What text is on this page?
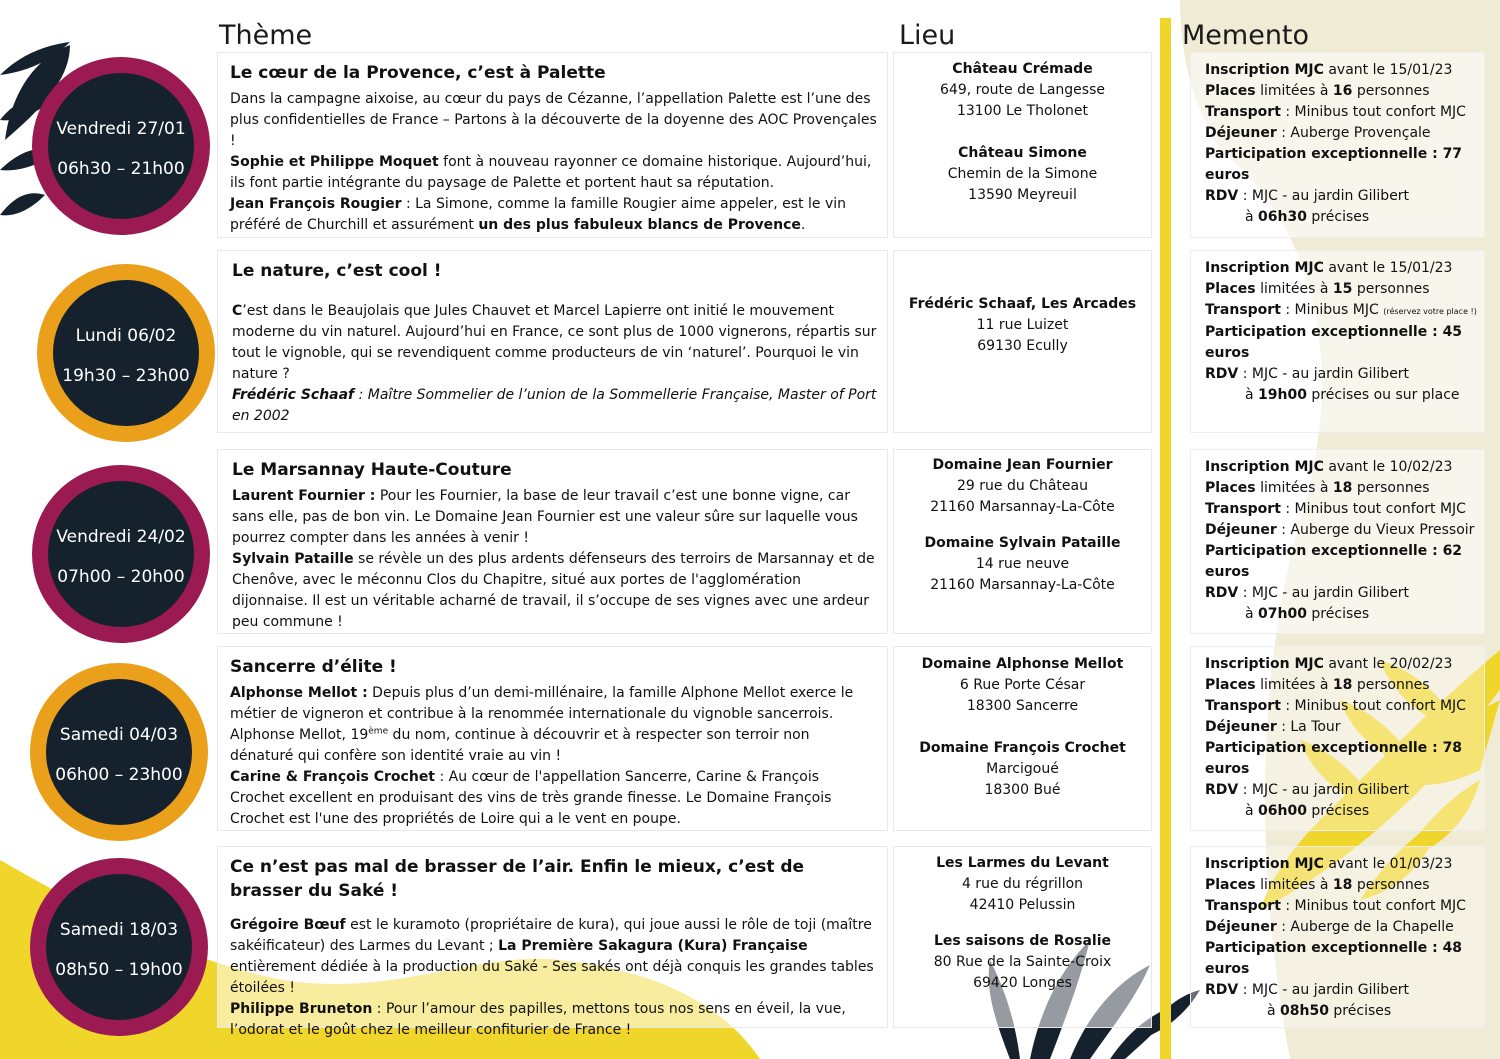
Thème	Lieu	Memento
Vendredi 27/01
06h30 – 21h00
Le cœur de la Provence, c’est à Palette

Dans la campagne aixoise, au cœur du pays de Cézanne, l’appellation Palette est l’une des plus confidentielles de France – Partons à la découverte de la doyenne des AOC Provençales !

Sophie et Philippe Moquet font à nouveau rayonner ce domaine historique. Aujourd’hui, ils font partie intégrante du paysage de Palette et portent haut sa réputation.

Jean François Rougier : La Simone, comme la famille Rougier aime appeler, est le vin préféré de Churchill et assurément un des plus fabuleux blancs de Provence.

Château Crémade
649, route de Langesse
13100 Le Tholonet
Château Simone
Chemin de la Simone
13590 Meyreuil
Inscription MJC avant le 15/01/23
Places limitées à 16 personnes
Transport : Minibus tout confort MJC
Déjeuner : Auberge Provençale
Participation exceptionnelle : 77 euros
RDV : MJC - au jardin Gilibert
à 06h30 précises
Lundi 06/02
19h30 – 23h00
Le nature, c’est cool !

C’est dans le Beaujolais que Jules Chauvet et Marcel Lapierre ont initié le mouvement moderne du vin naturel. Aujourd’hui en France, ce sont plus de 1000 vignerons, répartis sur tout le vignoble, qui se revendiquent comme producteurs de vin ‘naturel’. Pourquoi le vin nature ?

Frédéric Schaaf : Maître Sommelier de l’union de la Sommellerie Française, Master of Port en 2002

Frédéric Schaaf, Les Arcades
11 rue Luizet
69130 Ecully
Inscription MJC avant le 15/01/23
Places limitées à 15 personnes
Transport : Minibus MJC (réservez votre place !)
Participation exceptionnelle : 45 euros
RDV : MJC - au jardin Gilibert
à 19h00 précises ou sur place
Vendredi 24/02
07h00 – 20h00
Le Marsannay Haute-Couture

Laurent Fournier : Pour les Fournier, la base de leur travail c’est une bonne vigne, car sans elle, pas de bon vin. Le Domaine Jean Fournier est une valeur sûre sur laquelle vous pourrez compter dans les années à venir !

Sylvain Pataille se révèle un des plus ardents défenseurs des terroirs de Marsannay et de Chenôve, avec le méconnu Clos du Chapitre, situé aux portes de l'agglomération dijonnaise. Il est un véritable acharné de travail, il s’occupe de ses vignes avec une ardeur peu commune !

Domaine Jean Fournier
29 rue du Château
21160 Marsannay-La-Côte
Domaine Sylvain Pataille
14 rue neuve
21160 Marsannay-La-Côte
Inscription MJC avant le 10/02/23
Places limitées à 18 personnes
Transport : Minibus tout confort MJC
Déjeuner : Auberge du Vieux Pressoir
Participation exceptionnelle : 62 euros
RDV : MJC - au jardin Gilibert
à 07h00 précises
Samedi 04/03
06h00 – 23h00
Sancerre d’élite !

Alphonse Mellot : Depuis plus d’un demi-millénaire, la famille Alphone Mellot exerce le métier de vigneron et contribue à la renommée internationale du vignoble sancerrois. Alphonse Mellot, 19ème du nom, continue à découvrir et à respecter son terroir non dénaturé qui confère son identité vraie au vin !

Carine & François Crochet : Au cœur de l'appellation Sancerre, Carine & François Crochet excellent en produisant des vins de très grande finesse. Le Domaine François Crochet est l'une des propriétés de Loire qui a le vent en poupe.

Domaine Alphonse Mellot
6 Rue Porte César
18300 Sancerre
Domaine François Crochet
Marcigoué
18300 Bué
Inscription MJC avant le 20/02/23
Places limitées à 18 personnes
Transport : Minibus tout confort MJC
Déjeuner : La Tour
Participation exceptionnelle : 78 euros
RDV : MJC - au jardin Gilibert
à 06h00 précises
Samedi 18/03
08h50 – 19h00
Ce n’est pas mal de brasser de l’air. Enfin le mieux, c’est de brasser du Saké !

Grégoire Bœuf est le kuramoto (propriétaire de kura), qui joue aussi le rôle de toji (maître sakéificateur) des Larmes du Levant ; La Première Sakagura (Kura) Française entièrement dédiée à la production du Saké - Ses sakés ont déjà conquis les grandes tables étoilées !

Philippe Bruneton : Pour l’amour des papilles, mettons tous nos sens en éveil, la vue, l’odorat et le goût chez le meilleur confiturier de France !

Les Larmes du Levant
4 rue du régrillon
42410 Pelussin
Les saisons de Rosalie
80 Rue de la Sainte-Croix
69420 Longes
Inscription MJC avant le 01/03/23
Places limitées à 18 personnes
Transport : Minibus tout confort MJC
Déjeuner : Auberge de la Chapelle
Participation exceptionnelle : 48 euros
RDV : MJC - au jardin Gilibert
à 08h50 précises
